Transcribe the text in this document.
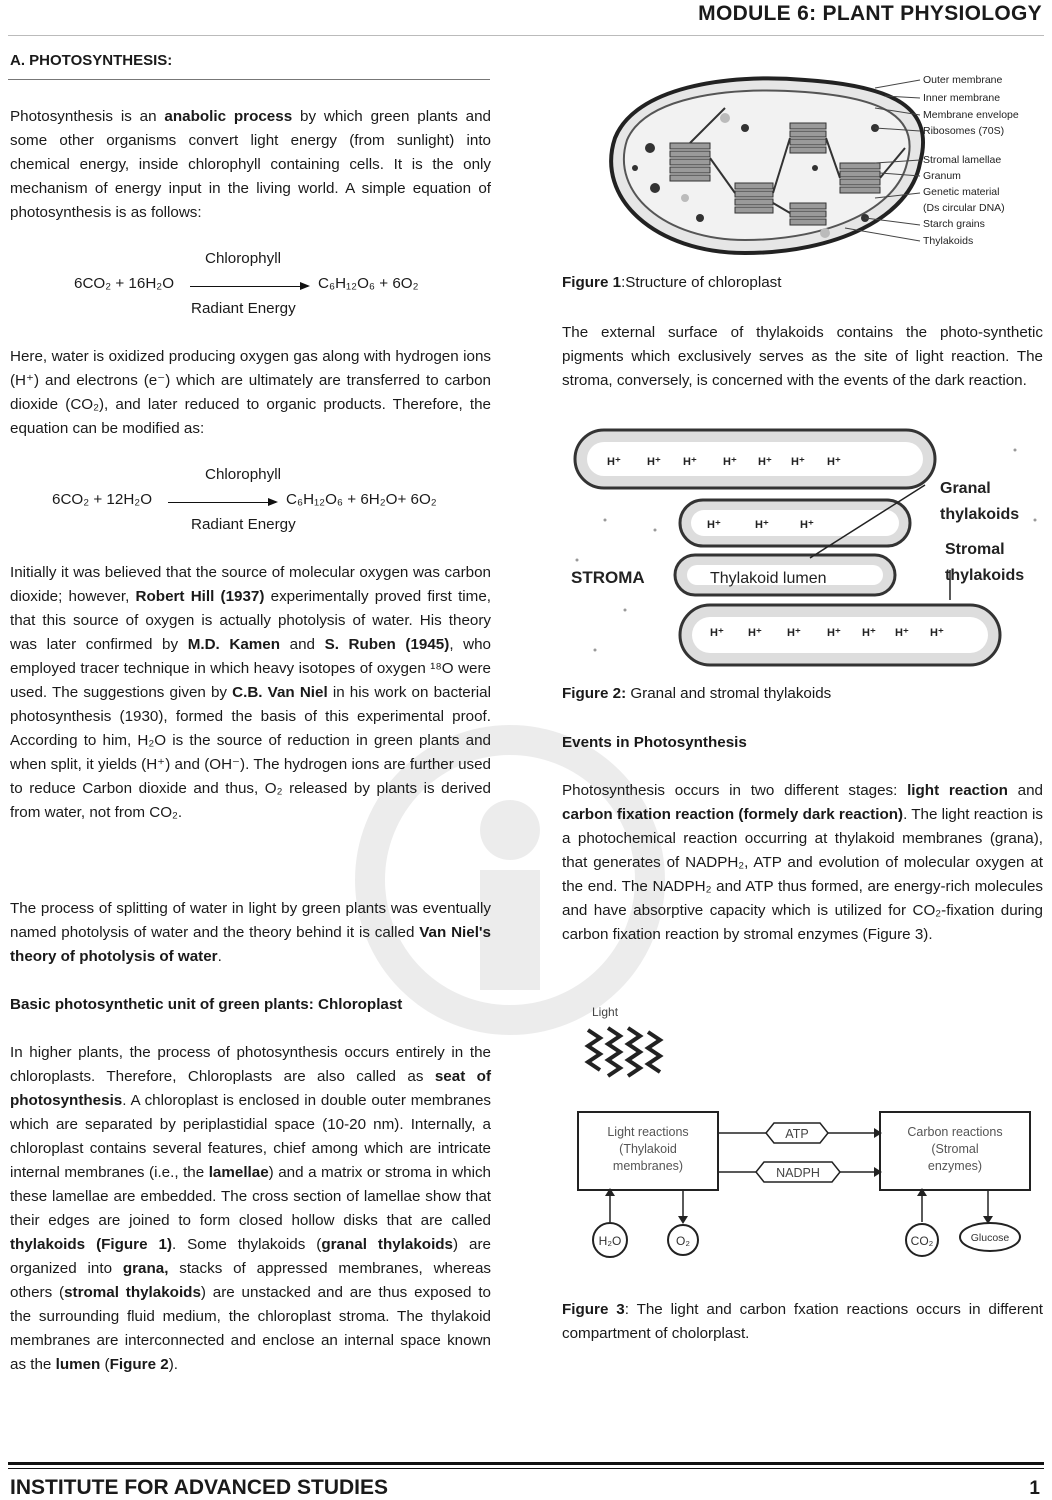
MODULE 6: PLANT PHYSIOLOGY
A. PHOTOSYNTHESIS:

Photosynthesis is an anabolic process by which green plants and some other organisms convert light energy (from sunlight) into chemical energy, inside chlorophyll containing cells. It is the only mechanism of energy input in the living world. A simple equation of photosynthesis is as follows:

Chlorophyll
6CO₂ + 16H₂O	C₆H₁₂O₆ + 6O₂
Radiant Energy

Here, water is oxidized producing oxygen gas along with hydrogen ions (H⁺) and electrons (e⁻) which are ultimately are transferred to carbon dioxide (CO₂), and later reduced to organic products. Therefore, the equation can be modified as:

Chlorophyll
6CO₂ + 12H₂O	C₆H₁₂O₆ + 6H₂O+ 6O₂
Radiant Energy

Initially it was believed that the source of molecular oxygen was carbon dioxide; however, Robert Hill (1937) experimentally proved first time, that this source of oxygen is actually photolysis of water. His theory was later confirmed by M.D. Kamen and S. Ruben (1945), who employed tracer technique in which heavy isotopes of oxygen ¹⁸O were used. The suggestions given by C.B. Van Niel in his work on bacterial photosynthesis (1930), formed the basis of this experimental proof. According to him, H₂O is the source of reduction in green plants and when split, it yields (H⁺) and (OH⁻). The hydrogen ions are further used to reduce Carbon dioxide and thus, O₂ released by plants is derived from water, not from CO₂.

The process of splitting of water in light by green plants was eventually named photolysis of water and the theory behind it is called Van Niel's theory of photolysis of water.

Basic photosynthetic unit of green plants: Chloroplast

In higher plants, the process of photosynthesis occurs entirely in the chloroplasts. Therefore, Chloroplasts are also called as seat of photosynthesis. A chloroplast is enclosed in double outer membranes which are separated by periplastidial space (10-20 nm). Internally, a chloroplast contains several features, chief among which are intricate internal membranes (i.e., the lamellae) and a matrix or stroma in which these lamellae are embedded. The cross section of lamellae show that their edges are joined to form closed hollow disks that are called thylakoids (Figure 1). Some thylakoids (granal thylakoids) are organized into grana, stacks of appressed membranes, whereas others (stromal thylakoids) are unstacked and are thus exposed to the surrounding fluid medium, the chloroplast stroma. The thylakoid membranes are interconnected and enclose an internal space known as the lumen (Figure 2).

Outer membrane
Inner membrane
Membrane envelope
Ribosomes (70S)
Stromal lamellae
Granum
Genetic material
(Ds circular DNA)
Starch grains
Thylakoids
Figure 1:Structure of chloroplast

The external surface of thylakoids contains the photo-synthetic pigments which exclusively serves as the site of light reaction. The stroma, conversely, is concerned with the events of the dark reaction.

H⁺ H⁺ H⁺ H⁺ H⁺ H⁺ H⁺
H⁺	H⁺	H⁺
H⁺ H⁺ H⁺ H⁺ H⁺ H⁺ H⁺
STROMA	Thylakoid lumen
Granal
thylakoids
Stromal
thylakoids
Figure 2: Granal and stromal thylakoids
Events in Photosynthesis

Photosynthesis occurs in two different stages: light reaction and carbon fixation reaction (formely dark reaction). The light reaction is a photochemical reaction occurring at thylakoid membranes (grana), that generates of NADPH₂, ATP and evolution of molecular oxygen at the end. The NADPH₂ and ATP thus formed, are energy-rich molecules and have absorptive capacity which is utilized for CO₂-fixation during carbon fixation reaction by stromal enzymes (Figure 3).

Light
Light reactions
(Thylakoid
membranes)
Carbon reactions
(Stromal
enzymes)
ATP
NADPH
H₂O	O₂	CO₂	Glucose

Figure 3: The light and carbon fxation reactions occurs in different compartment of cholorplast.

INSTITUTE FOR ADVANCED STUDIES	1
